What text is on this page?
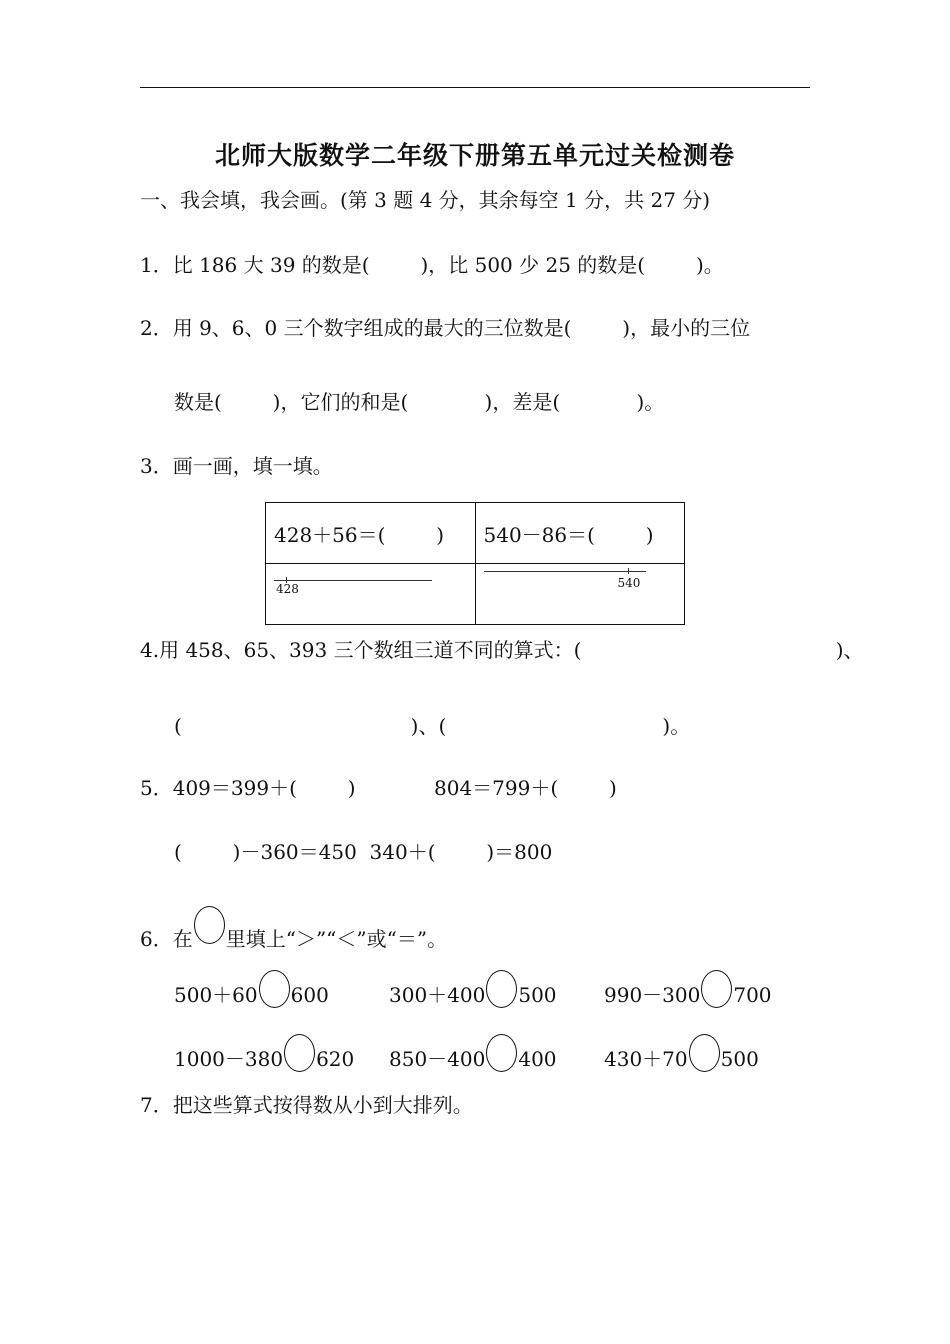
北师大版数学二年级下册第五单元过关检测卷
一、我会填，我会画。(第 3 题 4 分，其余每空 1 分，共 27 分)
1．比 186 大 39 的数是(        )，比 500 少 25 的数是(        )。
2．用 9、6、0 三个数字组成的最大的三位数是(        )，最小的三位
数是(        )，它们的和是(            )，差是(            )。
3．画一画，填一填。
428＋56＝(        )	540－86＝(        )

428	540
4.用 458、65、393 三个数组三道不同的算式：(                                        )、
(                                    )、(                                  )。
5．409＝399＋(        )	804＝799＋(        )
(        )－360＝450  340＋(        )＝800
6．在 里填上“＞”“＜”或“＝”。
500＋60 600	300＋400 500 990－300 700
1000－380 620 850－400 400 430＋70 500
7．把这些算式按得数从小到大排列。
